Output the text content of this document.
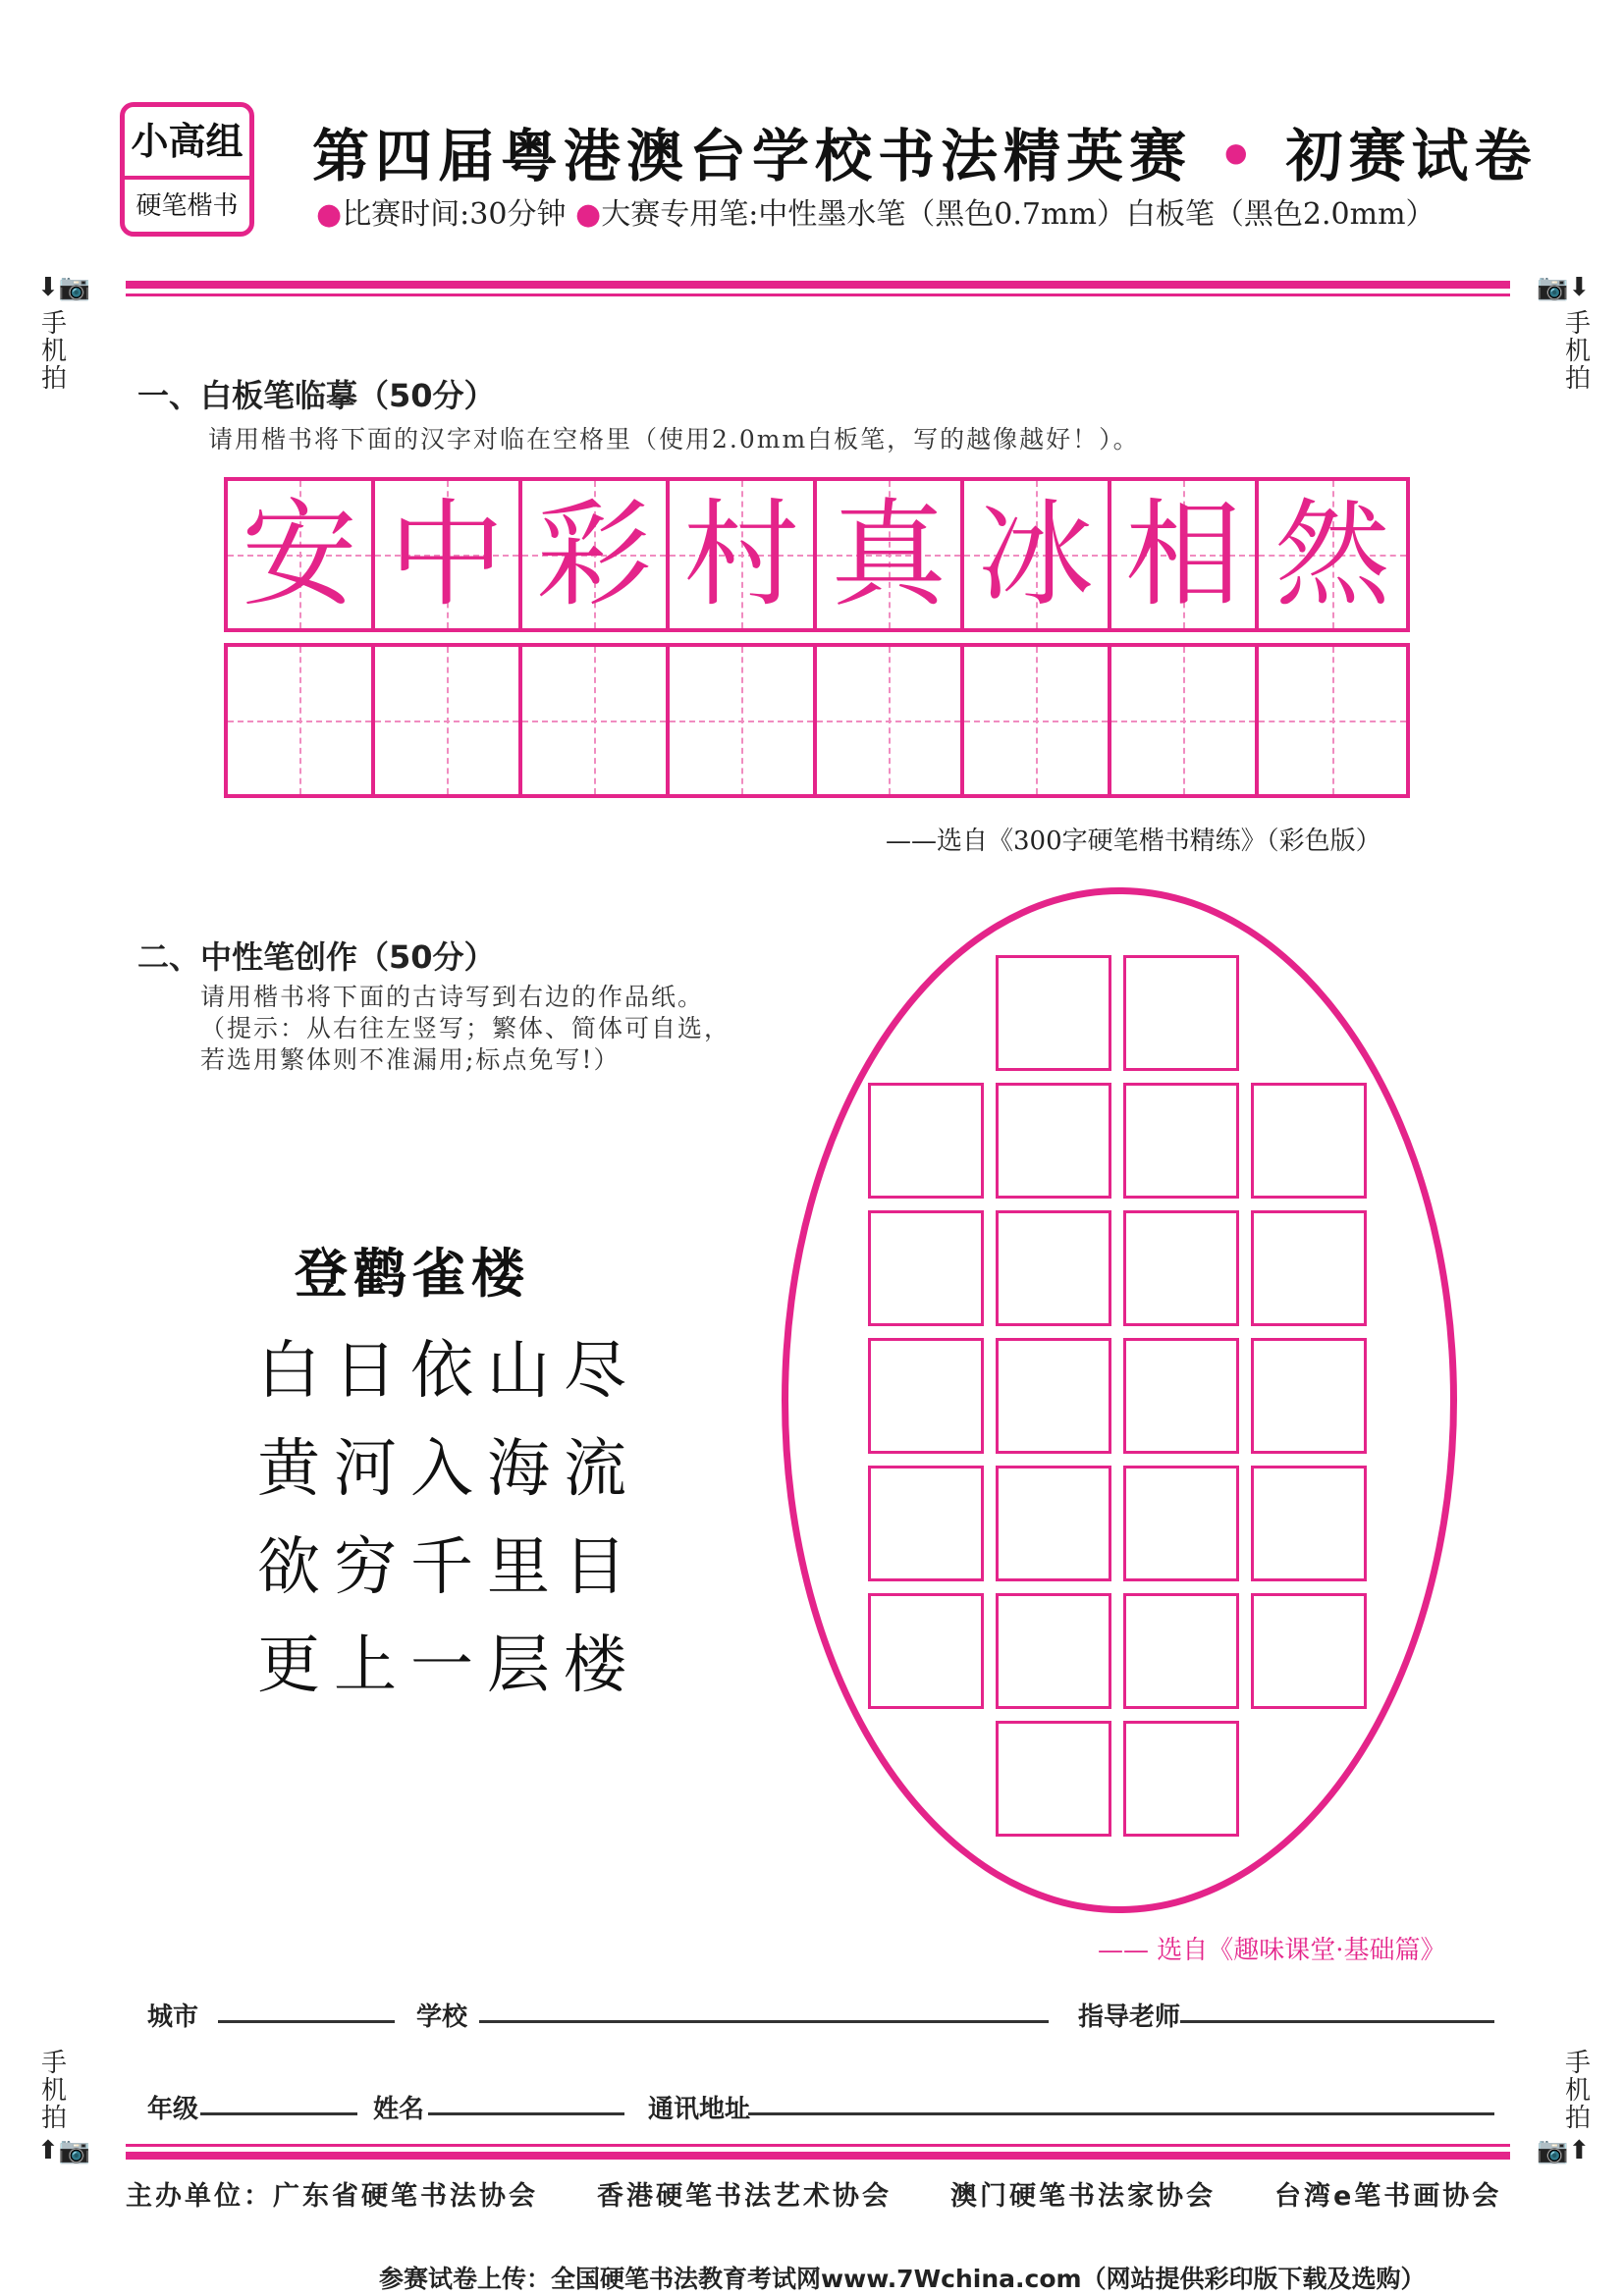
小高组
硬笔楷书
第四届粤港澳台学校书法精英赛 • 初赛试卷
●比赛时间:30分钟 ●大赛专用笔:中性墨水笔（黑色0.7mm）白板笔（黑色2.0mm）
⬇📷	📷⬇
手机拍
手机拍
一、白板笔临摹（50分）
请用楷书将下面的汉字对临在空格里（使用2.0mm白板笔，写的越像越好！）。
安 中 彩 村 真 冰 相 然
——选自《300字硬笔楷书精练》（彩色版）
二、中性笔创作（50分）
请用楷书将下面的古诗写到右边的作品纸。
（提示：从右往左竖写；繁体、简体可自选，
若选用繁体则不准漏用;标点免写!）
登鹳雀楼
白日依山尽
黄河入海流
欲穷千里目
更上一层楼
—— 选自《趣味课堂·基础篇》
城市	学校	指导老师
年级	姓名	通讯地址
手机拍
手机拍
⬆📷	📷⬆
主办单位：广东省硬笔书法协会　　香港硬笔书法艺术协会　　澳门硬笔书法家协会　　台湾e笔书画协会
参赛试卷上传：全国硬笔书法教育考试网www.7Wchina.com（网站提供彩印版下载及选购）
